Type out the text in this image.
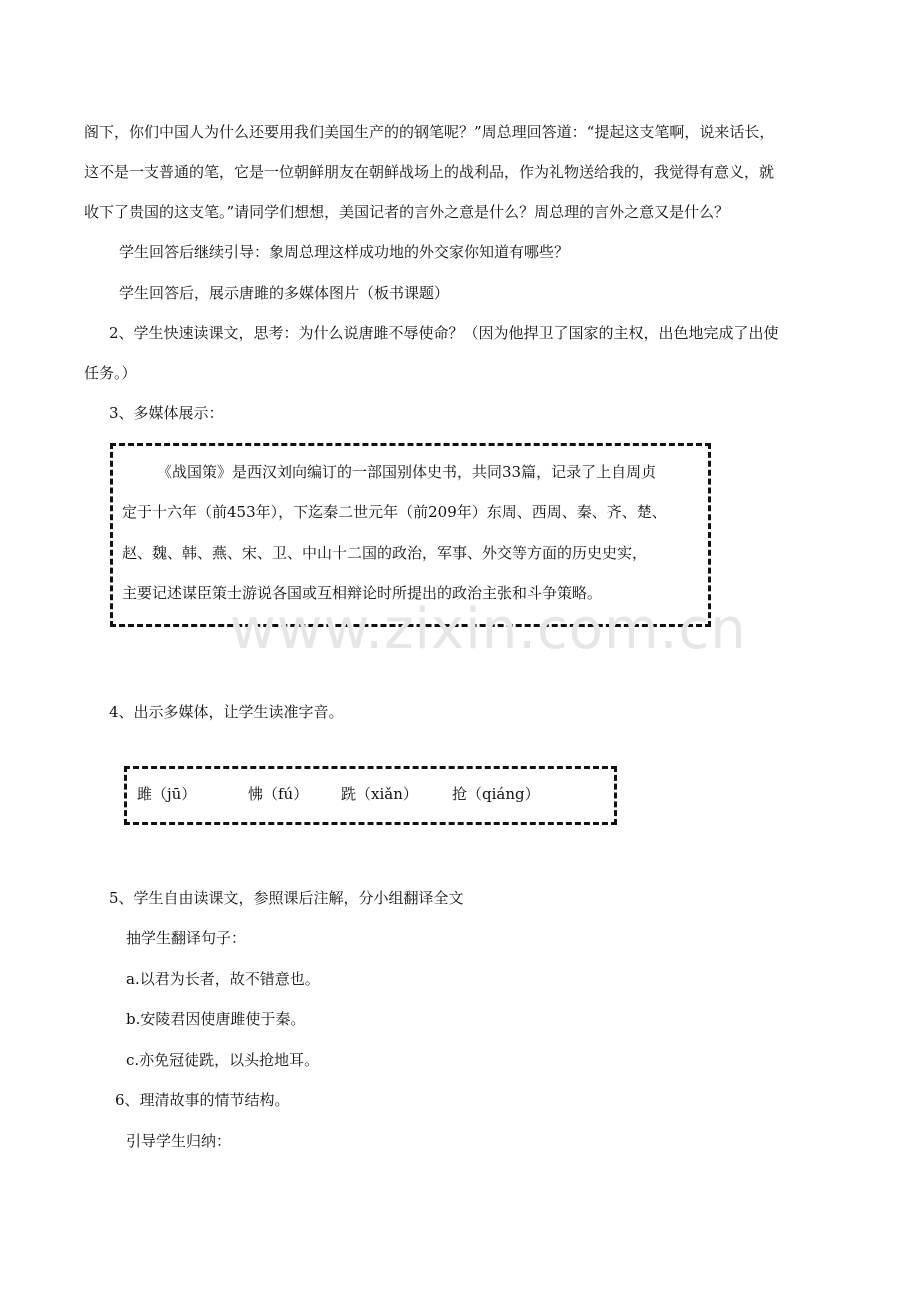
阁下，你们中国人为什么还要用我们美国生产的的钢笔呢？”周总理回答道：“提起这支笔啊，说来话长，
这不是一支普通的笔，它是一位朝鲜朋友在朝鲜战场上的战利品，作为礼物送给我的，我觉得有意义，就
收下了贵国的这支笔。”请同学们想想，美国记者的言外之意是什么？周总理的言外之意又是什么？
学生回答后继续引导：象周总理这样成功地的外交家你知道有哪些？
学生回答后，展示唐雎的多媒体图片（板书课题）
2、学生快速读课文，思考：为什么说唐雎不辱使命？（因为他捍卫了国家的主权，出色地完成了出使
任务。）
3、多媒体展示：
《战国策》是西汉刘向编订的一部国别体史书，共同33篇，记录了上自周贞
定于十六年（前453年），下迄秦二世元年（前209年）东周、西周、秦、齐、楚、
赵、魏、韩、燕、宋、卫、中山十二国的政治，军事、外交等方面的历史史实，
主要记述谋臣策士游说各国或互相辩论时所提出的政治主张和斗争策略。
www.zixin.com.cn
4、出示多媒体，让学生读准字音。
雎（jū）	怫（fú） 跣（xiǎn） 抢（qiáng）
5、学生自由读课文，参照课后注解，分小组翻译全文
抽学生翻译句子：
a.以君为长者，故不错意也。
b.安陵君因使唐雎使于秦。
c.亦免冠徒跣，以头抢地耳。
6、理清故事的情节结构。
引导学生归纳：
